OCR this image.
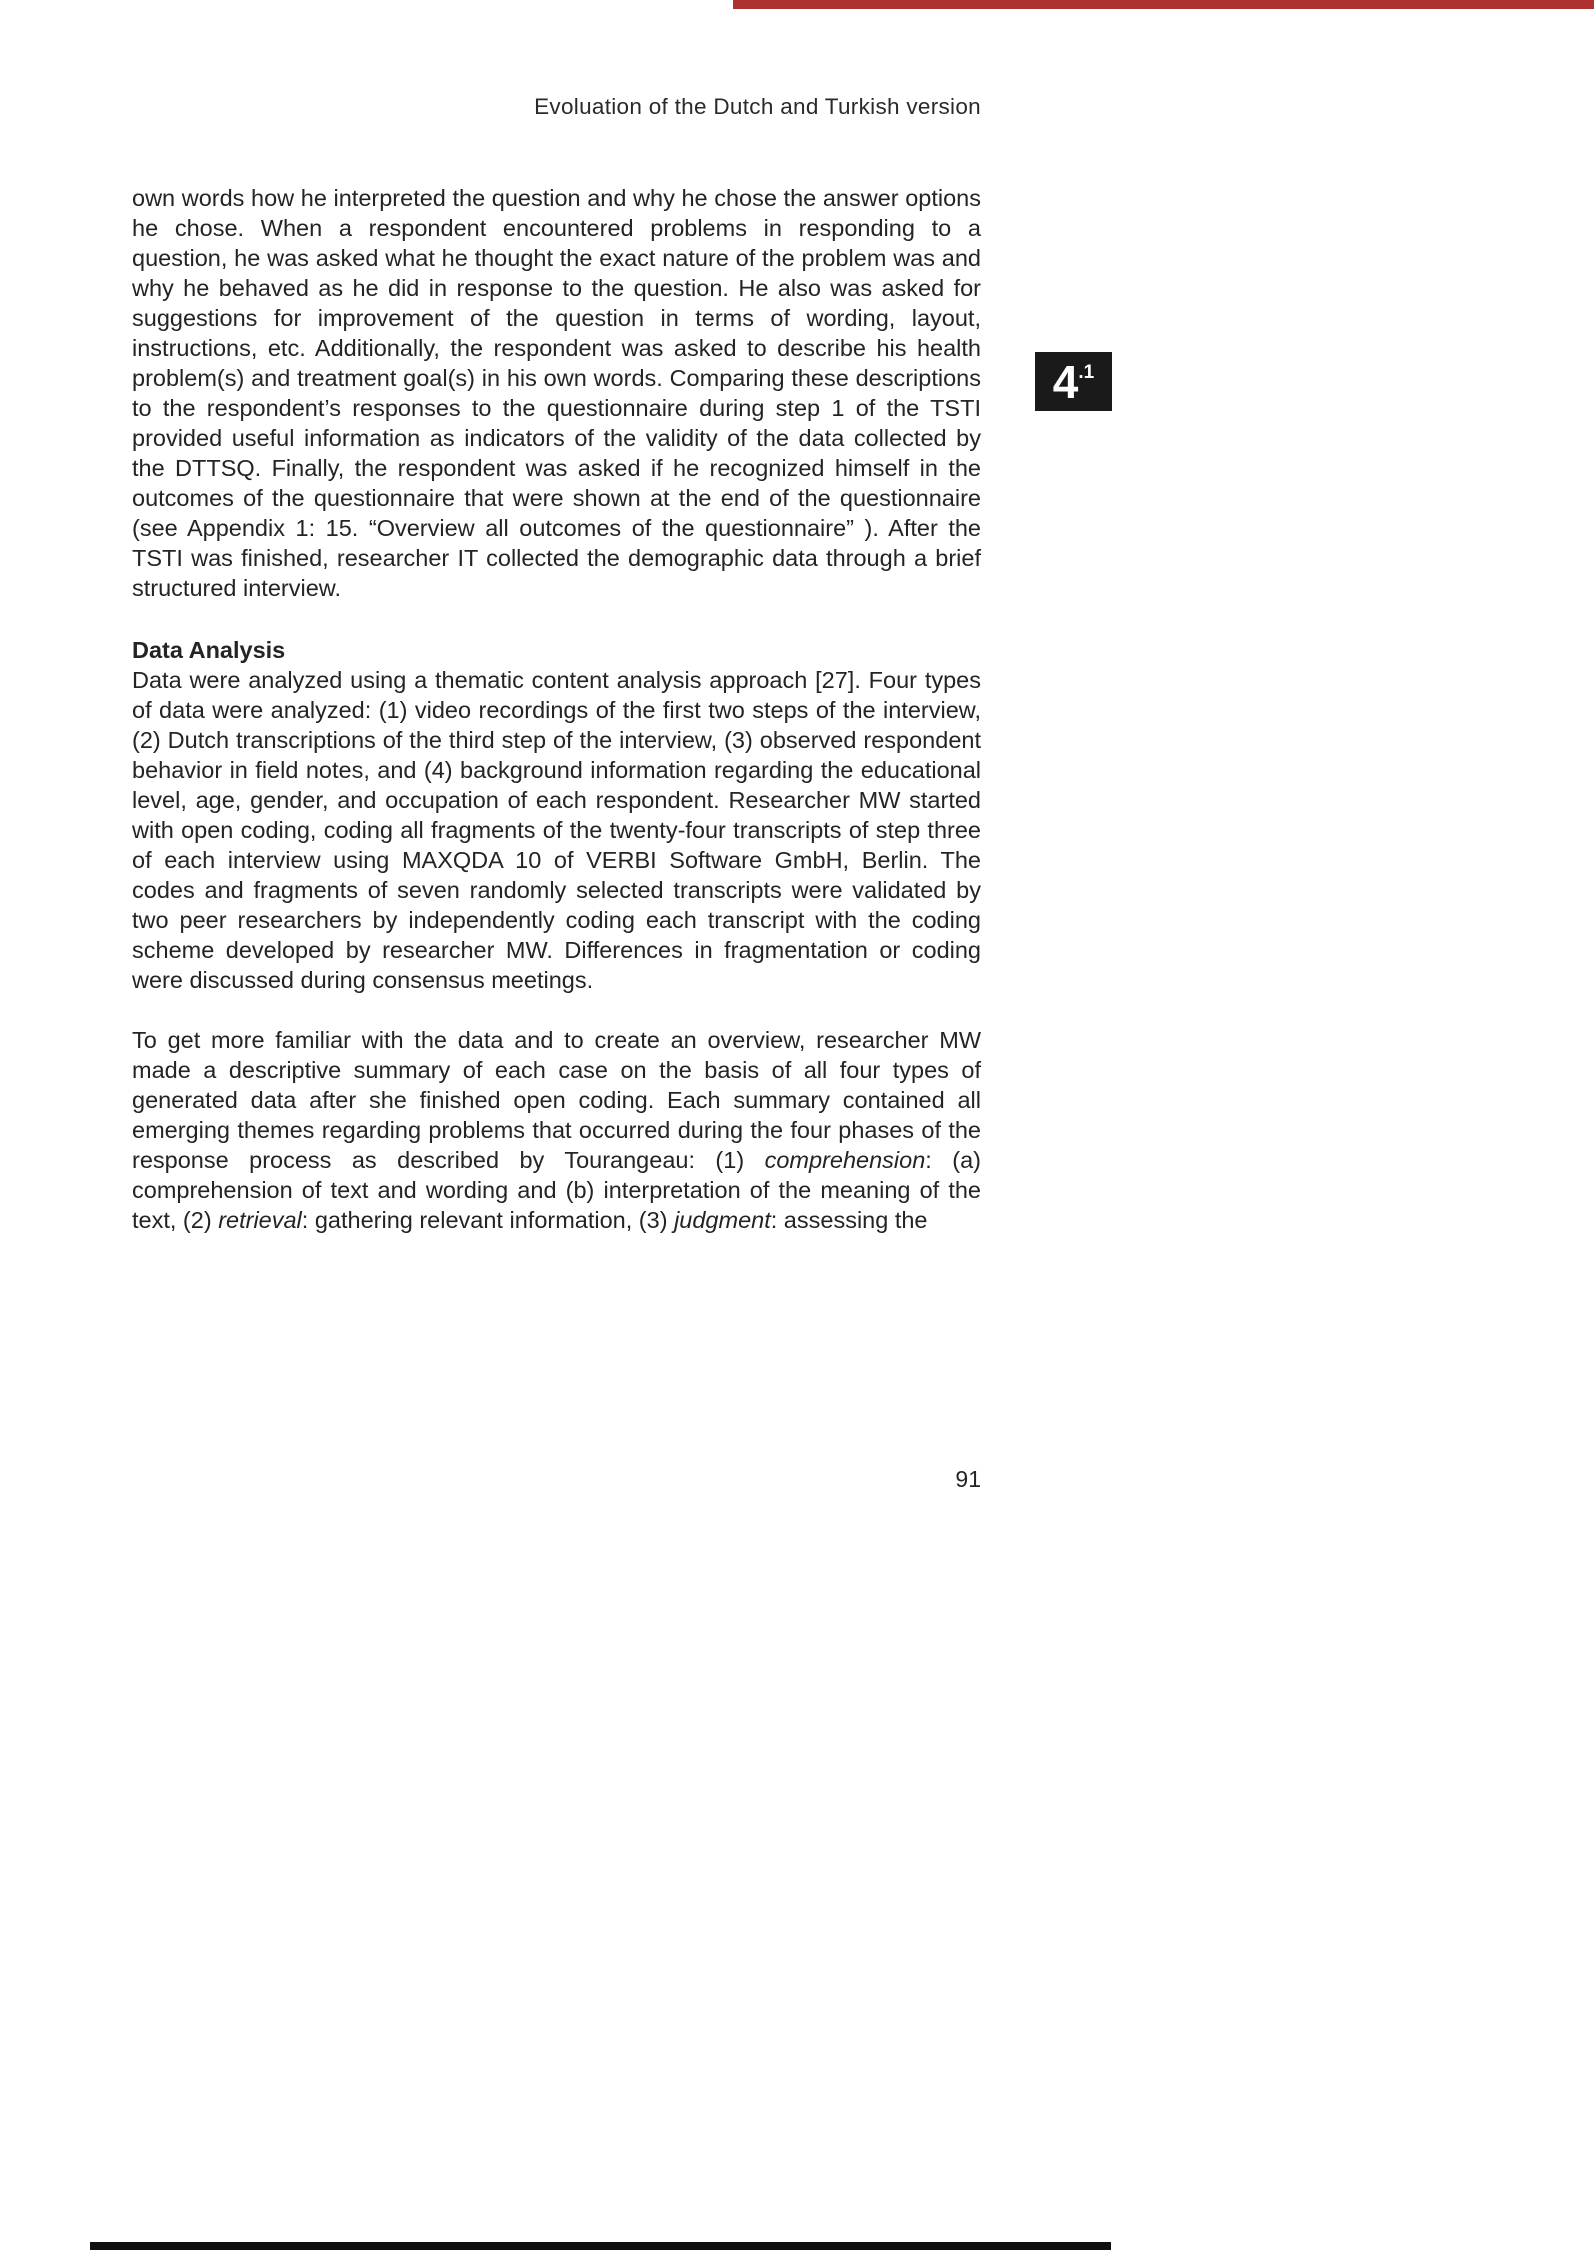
Evoluation of the Dutch and Turkish version
4 .1

own words how he interpreted the question and why he chose the answer options he chose. When a respondent encountered problems in responding to a question, he was asked what he thought the exact nature of the problem was and why he behaved as he did in response to the question. He also was asked for suggestions for improvement of the question in terms of wording, layout, instructions, etc. Additionally, the respondent was asked to describe his health problem(s) and treatment goal(s) in his own words. Comparing these descriptions to the respondent’s responses to the questionnaire during step 1 of the TSTI provided useful information as indicators of the validity of the data collected by the DTTSQ. Finally, the respondent was asked if he recognized himself in the outcomes of the questionnaire that were shown at the end of the questionnaire (see Appendix 1: 15. “Overview all outcomes of the questionnaire” ). After the TSTI was finished, researcher IT collected the demographic data through a brief structured interview.

Data Analysis

Data were analyzed using a thematic content analysis approach [27]. Four types of data were analyzed: (1) video recordings of the first two steps of the interview, (2) Dutch transcriptions of the third step of the interview, (3) observed respondent behavior in field notes, and (4) background information regarding the educational level, age, gender, and occupation of each respondent. Researcher MW started with open coding, coding all fragments of the twenty-four transcripts of step three of each interview using MAXQDA 10 of VERBI Software GmbH, Berlin. The codes and fragments of seven randomly selected transcripts were validated by two peer researchers by independently coding each transcript with the coding scheme developed by researcher MW. Differences in fragmentation or coding were discussed during consensus meetings.

To get more familiar with the data and to create an overview, researcher MW made a descriptive summary of each case on the basis of all four types of generated data after she finished open coding. Each summary contained all emerging themes regarding problems that occurred during the four phases of the response process as described by Tourangeau: (1) comprehension: (a) comprehension of text and wording and (b) interpretation of the meaning of the text, (2) retrieval: gathering relevant information, (3) judgment: assessing the

91
